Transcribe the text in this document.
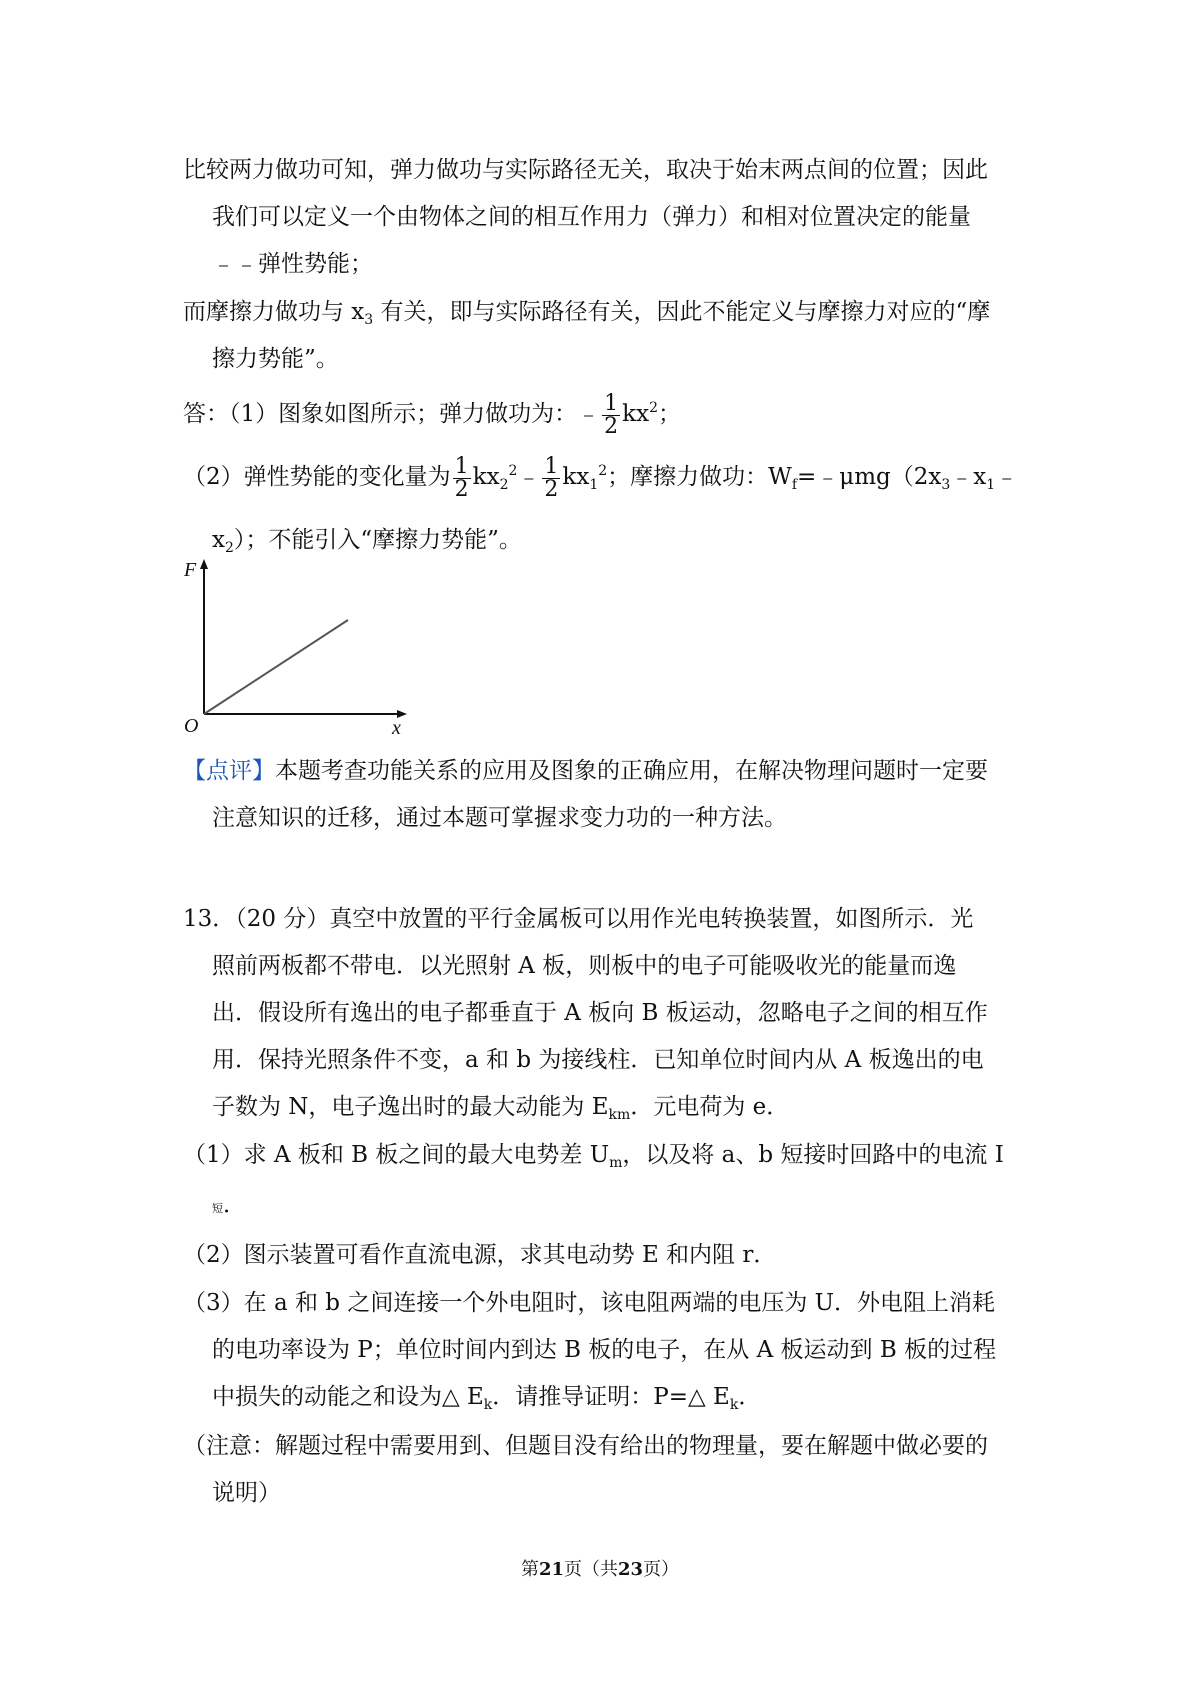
比较两力做功可知，弹力做功与实际路径无关，取决于始末两点间的位置；因此
我们可以定义一个由物体之间的相互作用力（弹力）和相对位置决定的能量
﹣﹣弹性势能；
而摩擦力做功与 $x_3$ 有关，即与实际路径有关，因此不能定义与摩擦力对应的“摩
擦力势能”。
答：（1）图象如图所示；弹力做功为：﹣ $\frac{1}{2} kx^2$；
（2）弹性势能的变化量为 $\frac{1}{2}$ $kx_2^2﹣ \frac{1}{2} kx_1^2$；摩擦力做功：$W_f=﹣\mu mg(2x_3﹣x_1﹣$
$x_2$）；不能引入“摩擦力势能”。
F
x
O
【点评】本题考查功能关系的应用及图象的正确应用，在解决物理问题时一定要
注意知识的迁移，通过本题可掌握求变力功的一种方法。
13．（20 分）真空中放置的平行金属板可以用作光电转换装置，如图所示．光
照前两板都不带电．以光照射 A 板，则板中的电子可能吸收光的能量而逸
出．假设所有逸出的电子都垂直于 A 板向 B 板运动，忽略电子之间的相互作
用．保持光照条件不变，a 和 b 为接线柱．已知单位时间内从 A 板逸出的电
子数为 N，电子逸出时的最大动能为 $E_{km}$．元电荷为 e．
（1）求 A 板和 B 板之间的最大电势差 $U_m$，以及将 a、b 短接时回路中的电流 I
短．
（2）图示装置可看作直流电源，求其电动势 E 和内阻 r．
（3）在 a 和 b 之间连接一个外电阻时，该电阻两端的电压为 U．外电阻上消耗
的电功率设为 P；单位时间内到达 B 板的电子，在从 A 板运动到 B 板的过程
中损失的动能之和设为△ $E_k$．请推导证明：P=△ $E_k$．
（注意：解题过程中需要用到、但题目没有给出的物理量，要在解题中做必要的
说明）
第21页（共23页）
